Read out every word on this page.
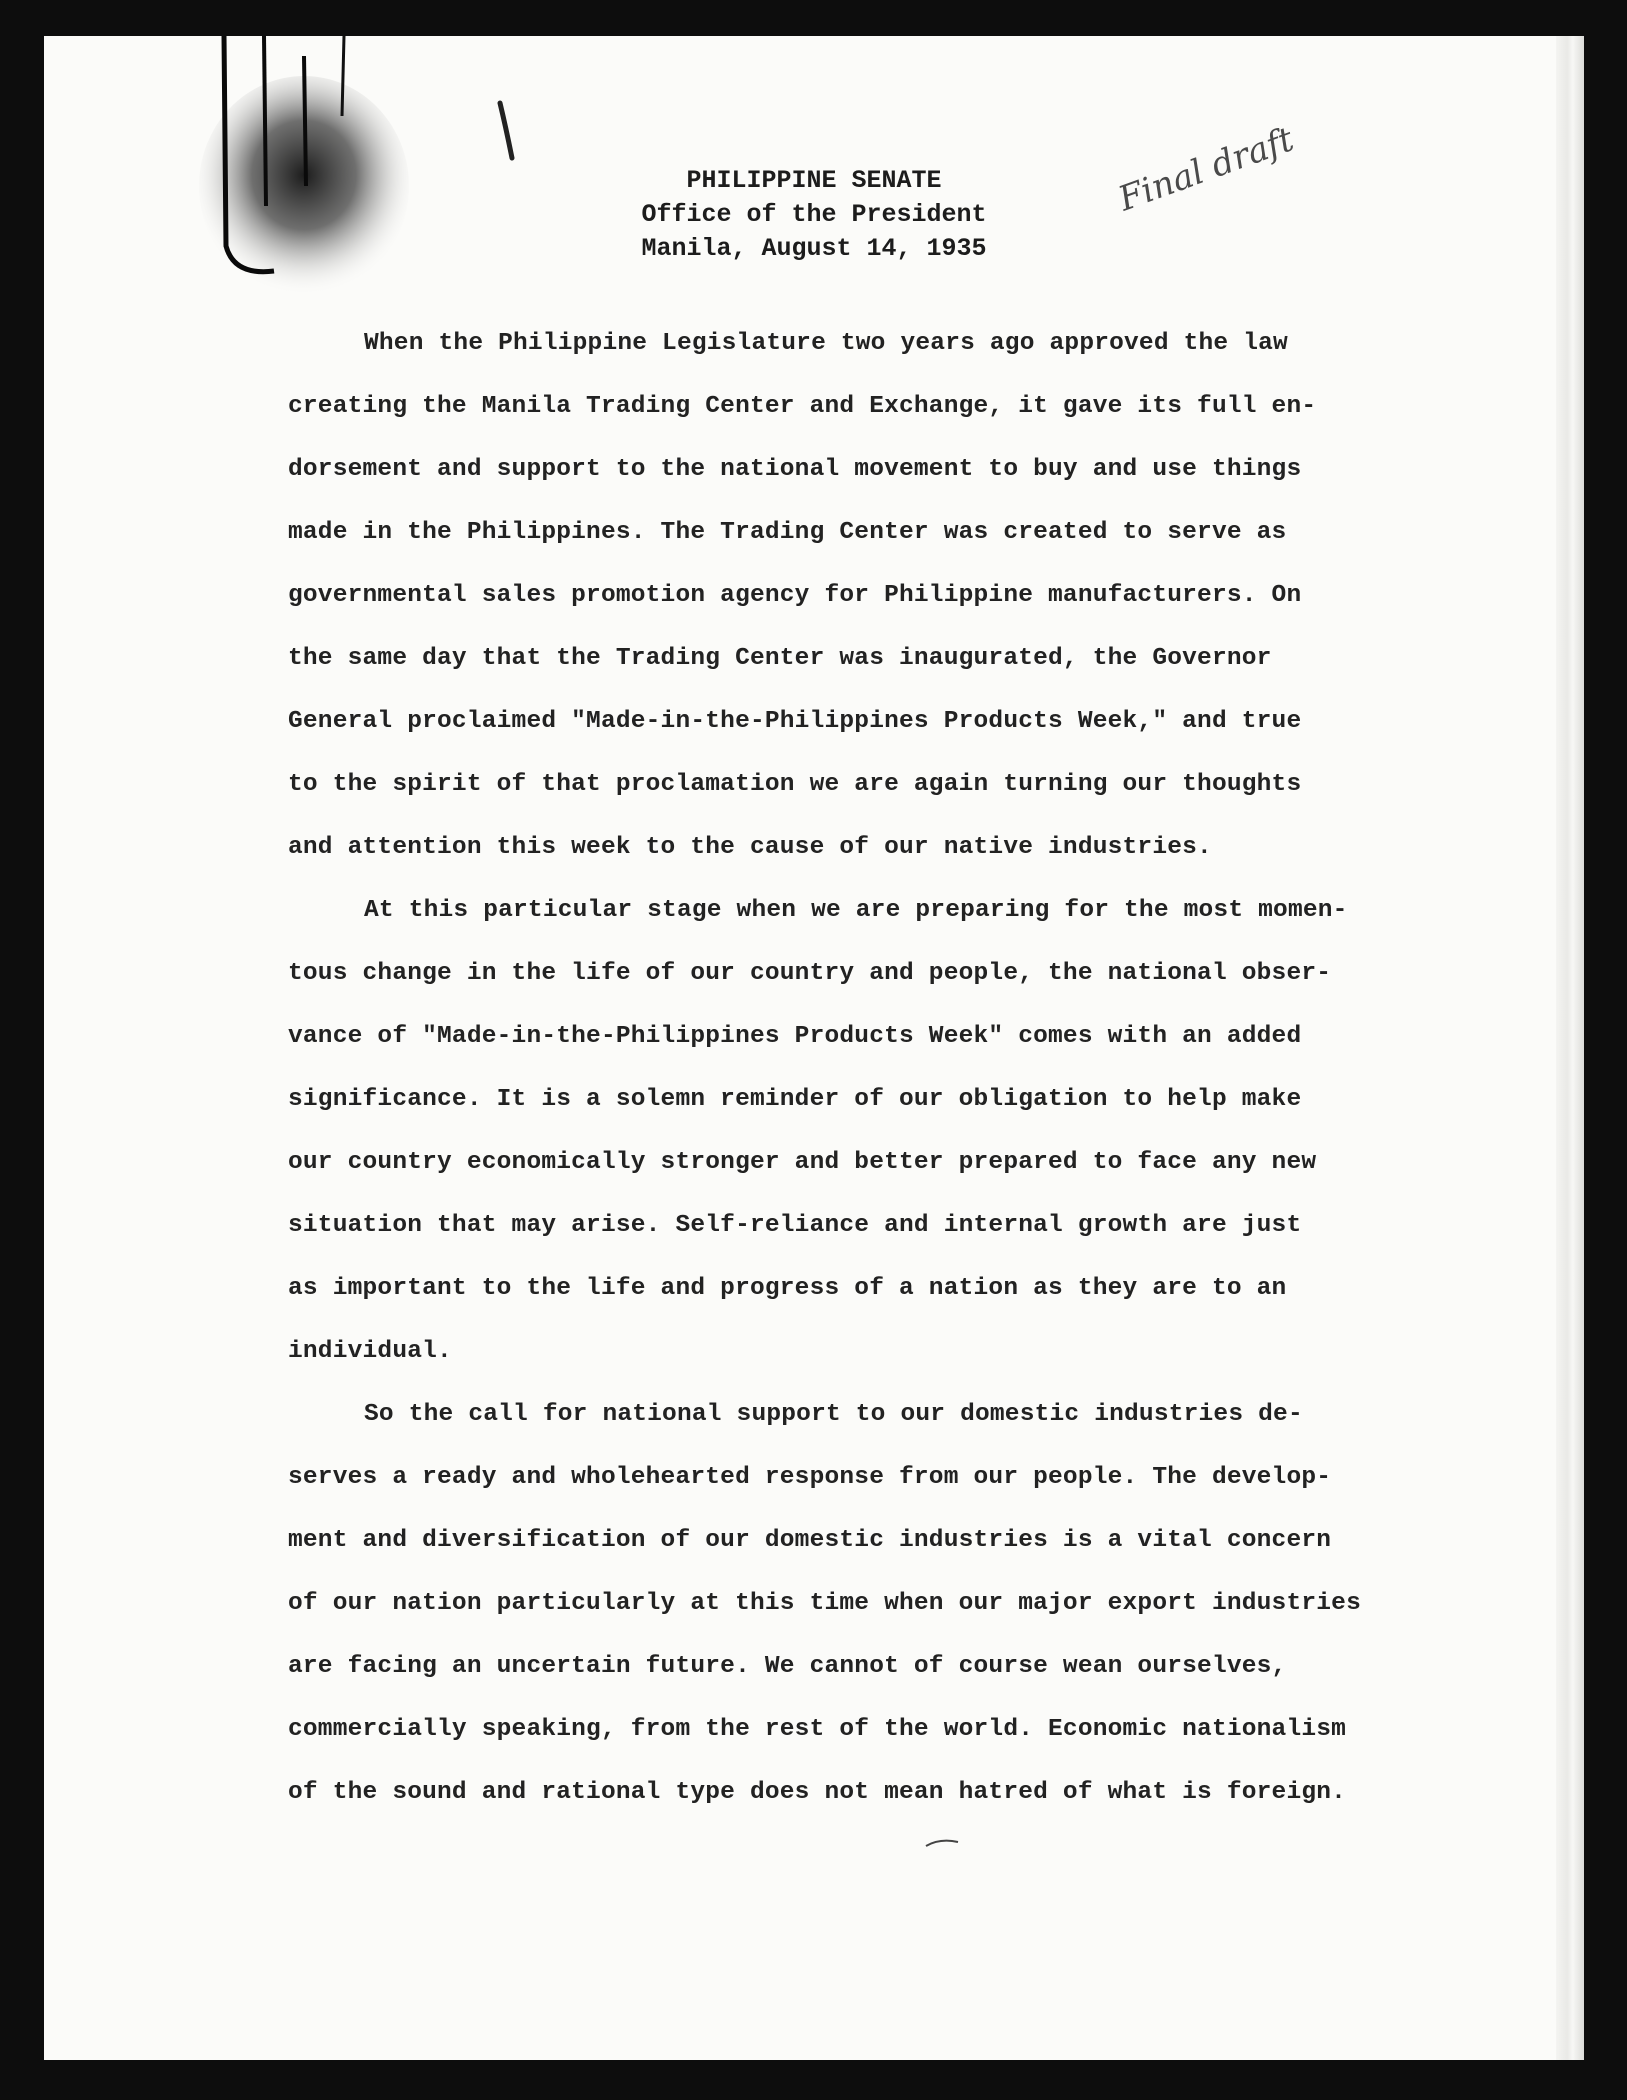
Final draft
PHILIPPINE SENATE
Office of the President
Manila, August 14, 1935
When the Philippine Legislature two years ago approved the law
creating the Manila Trading Center and Exchange, it gave its full en-
dorsement and support to the national movement to buy and use things
made in the Philippines. The Trading Center was created to serve as
governmental sales promotion agency for Philippine manufacturers. On
the same day that the Trading Center was inaugurated, the Governor
General proclaimed "Made-in-the-Philippines Products Week," and true
to the spirit of that proclamation we are again turning our thoughts
and attention this week to the cause of our native industries.
At this particular stage when we are preparing for the most momen-
tous change in the life of our country and people, the national obser-
vance of "Made-in-the-Philippines Products Week" comes with an added
significance. It is a solemn reminder of our obligation to help make
our country economically stronger and better prepared to face any new
situation that may arise. Self-reliance and internal growth are just
as important to the life and progress of a nation as they are to an
individual.
So the call for national support to our domestic industries de-
serves a ready and wholehearted response from our people. The develop-
ment and diversification of our domestic industries is a vital concern
of our nation particularly at this time when our major export industries
are facing an uncertain future. We cannot of course wean ourselves,
commercially speaking, from the rest of the world. Economic nationalism
of the sound and rational type does not mean hatred of what is foreign.
